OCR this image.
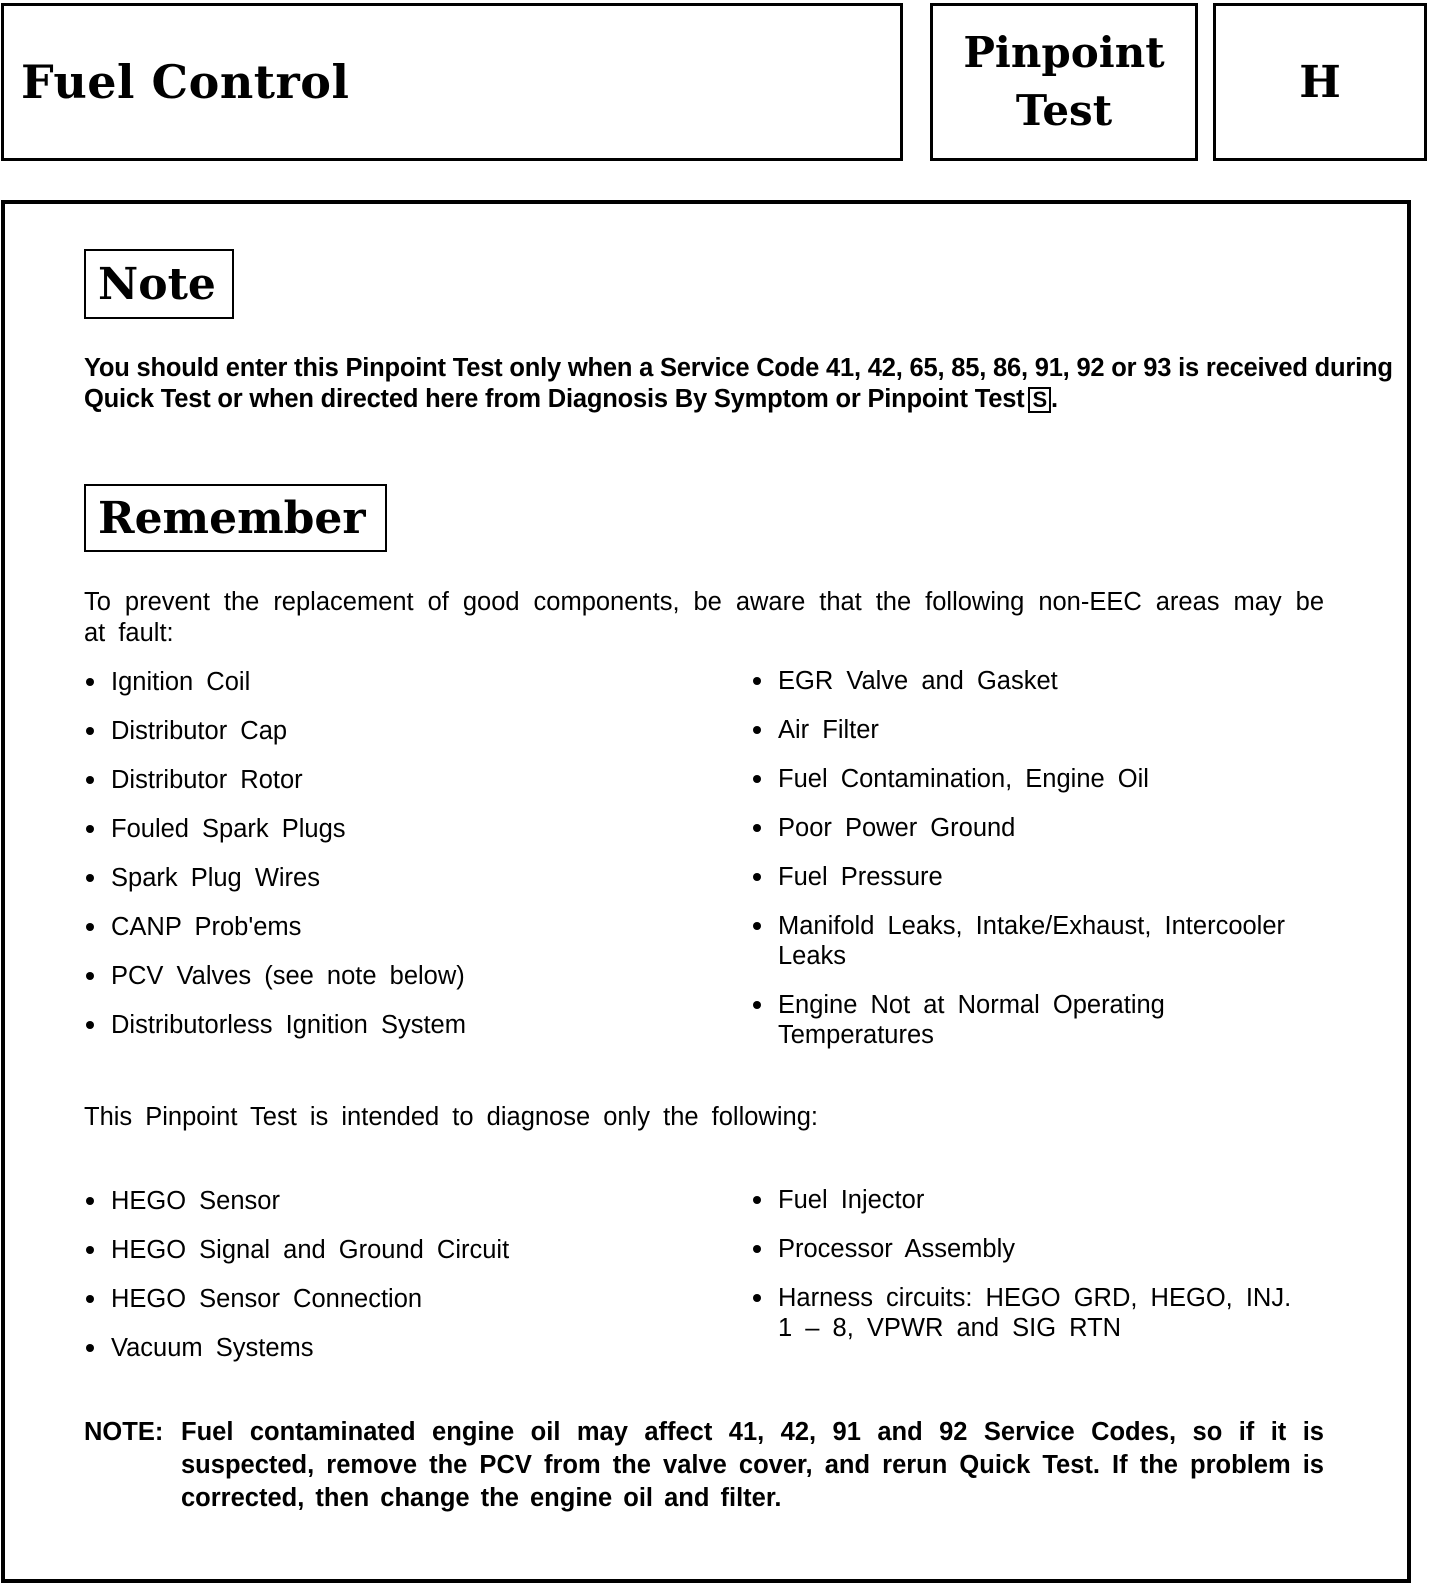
Fuel Control
Pinpoint
Test
H
Note
You should enter this Pinpoint Test only when a Service Code 41, 42, 65, 85, 86, 91, 92 or 93 is received during Quick Test or when directed here from Diagnosis By Symptom or Pinpoint Test S .
Remember
To prevent the replacement of good components, be aware that the following non-EEC areas may be at fault:
Ignition Coil
Distributor Cap
Distributor Rotor
Fouled Spark Plugs
Spark Plug Wires
CANP Prob'ems
PCV Valves (see note below)
Distributorless Ignition System
EGR Valve and Gasket
Air Filter
Fuel Contamination, Engine Oil
Poor Power Ground
Fuel Pressure
Manifold Leaks, Intake/Exhaust, Intercooler Leaks
Engine Not at Normal Operating Temperatures
This Pinpoint Test is intended to diagnose only the following:
HEGO Sensor
HEGO Signal and Ground Circuit
HEGO Sensor Connection
Vacuum Systems
Fuel Injector
Processor Assembly
Harness circuits: HEGO GRD, HEGO, INJ. 1 – 8, VPWR and SIG RTN
NOTE: Fuel contaminated engine oil may affect 41, 42, 91 and 92 Service Codes, so if it is suspected, remove the PCV from the valve cover, and rerun Quick Test. If the problem is corrected, then change the engine oil and filter.
